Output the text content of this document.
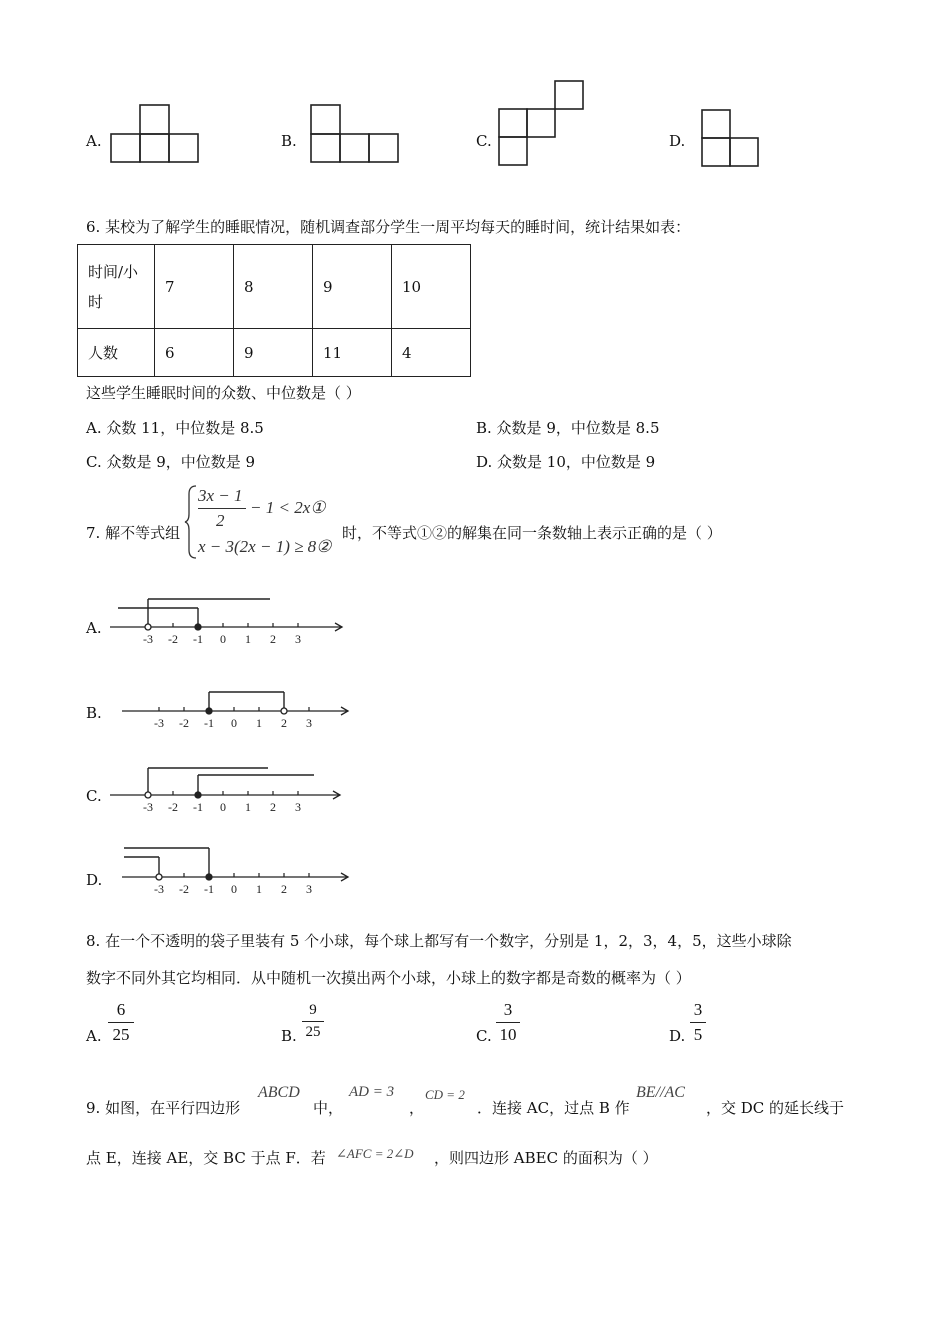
A.	B.	C.	D.
6. 某校为了解学生的睡眠情况，随机调查部分学生一周平均每天的睡时间，统计结果如表：
时间/小
时	7	8	9	10
人数	6	9	11	4
这些学生睡眠时间的众数、中位数是（ ）
A. 众数 11，中位数是 8.5	B. 众数是 9，中位数是 8.5
C. 众数是 9，中位数是 9	D. 众数是 10，中位数是 9
7. 解不等式组
3x − 1
2
− 1 < 2x①
x − 3(2x − 1) ≥ 8②
时，不等式①②的解集在同一条数轴上表示正确的是（ ）
A.
-3 -2 -1 0 1 2 3
B.
-3 -2 -1 0 1 2 3
C.
-3 -2 -1 0 1 2 3
D.	-3 -2 -1 0 1 2 3
8. 在一个不透明的袋子里装有 5 个小球，每个球上都写有一个数字，分别是 1，2，3，4，5，这些小球除
数字不同外其它均相同．从中随机一次摸出两个小球，小球上的数字都是奇数的概率为（ ）
A.
6
25	B.
9
25	C.
3
10	D.
3
5
9. 如图，在平行四边形
ABCD
中，
AD = 3
，
CD = 2
．连接 AC，过点 B 作
BE//AC
，交 DC 的延长线于
点 E，连接 AE，交 BC 于点 F．若 ∠AFC = 2∠D ，则四边形 ABEC 的面积为（ ）
